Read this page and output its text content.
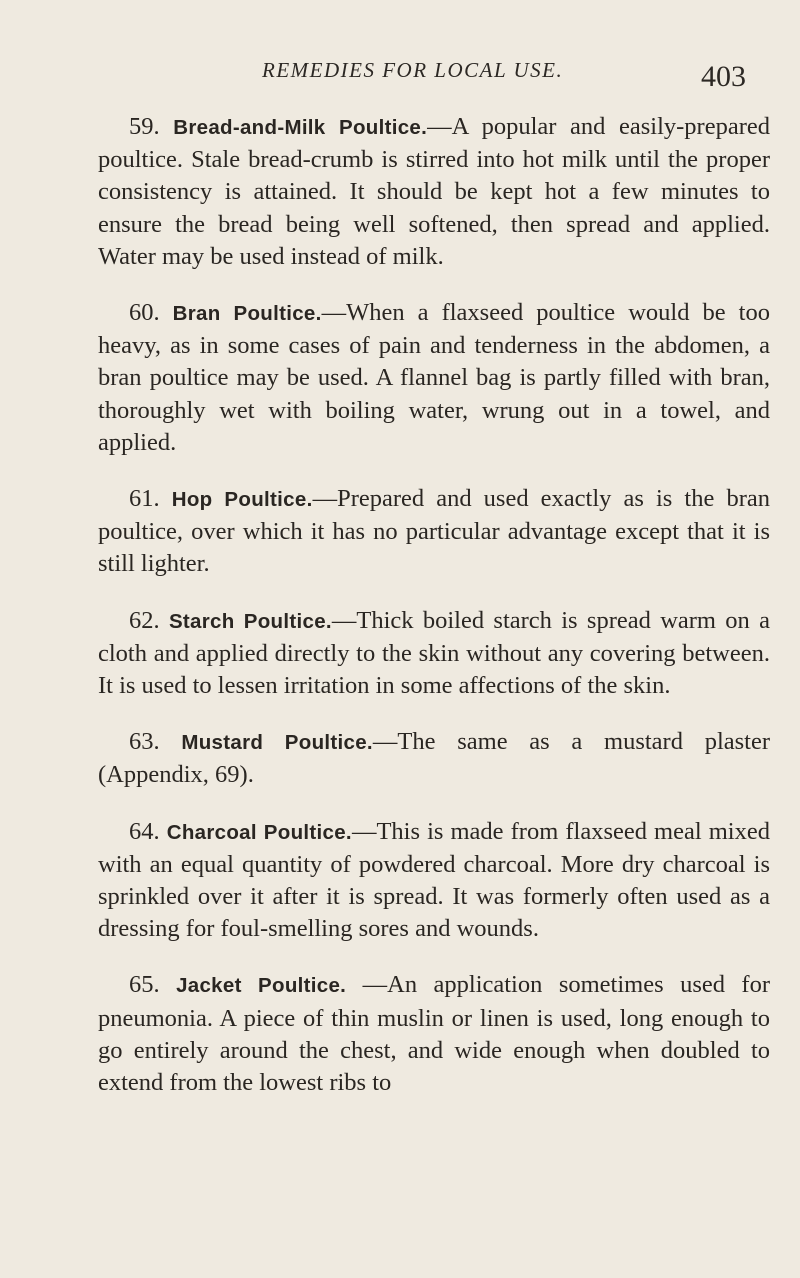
REMEDIES FOR LOCAL USE.	403

59. Bread-and-Milk Poultice.—A popular and easily-prepared poultice. Stale bread-crumb is stirred into hot milk until the proper consistency is attained. It should be kept hot a few minutes to ensure the bread being well softened, then spread and applied. Water may be used instead of milk.

60. Bran Poultice.—When a flaxseed poultice would be too heavy, as in some cases of pain and tenderness in the abdomen, a bran poultice may be used. A flannel bag is partly filled with bran, thoroughly wet with boiling water, wrung out in a towel, and applied.

61. Hop Poultice.—Prepared and used exactly as is the bran poultice, over which it has no particular advantage except that it is still lighter.

62. Starch Poultice.—Thick boiled starch is spread warm on a cloth and applied directly to the skin without any covering between. It is used to lessen irritation in some affections of the skin.

63. Mustard Poultice.—The same as a mustard plaster (Appendix, 69).

64. Charcoal Poultice.—This is made from flaxseed meal mixed with an equal quantity of powdered charcoal. More dry charcoal is sprinkled over it after it is spread. It was formerly often used as a dressing for foul-smelling sores and wounds.

65. Jacket Poultice. —An application sometimes used for pneumonia. A piece of thin muslin or linen is used, long enough to go entirely around the chest, and wide enough when doubled to extend from the lowest ribs to
